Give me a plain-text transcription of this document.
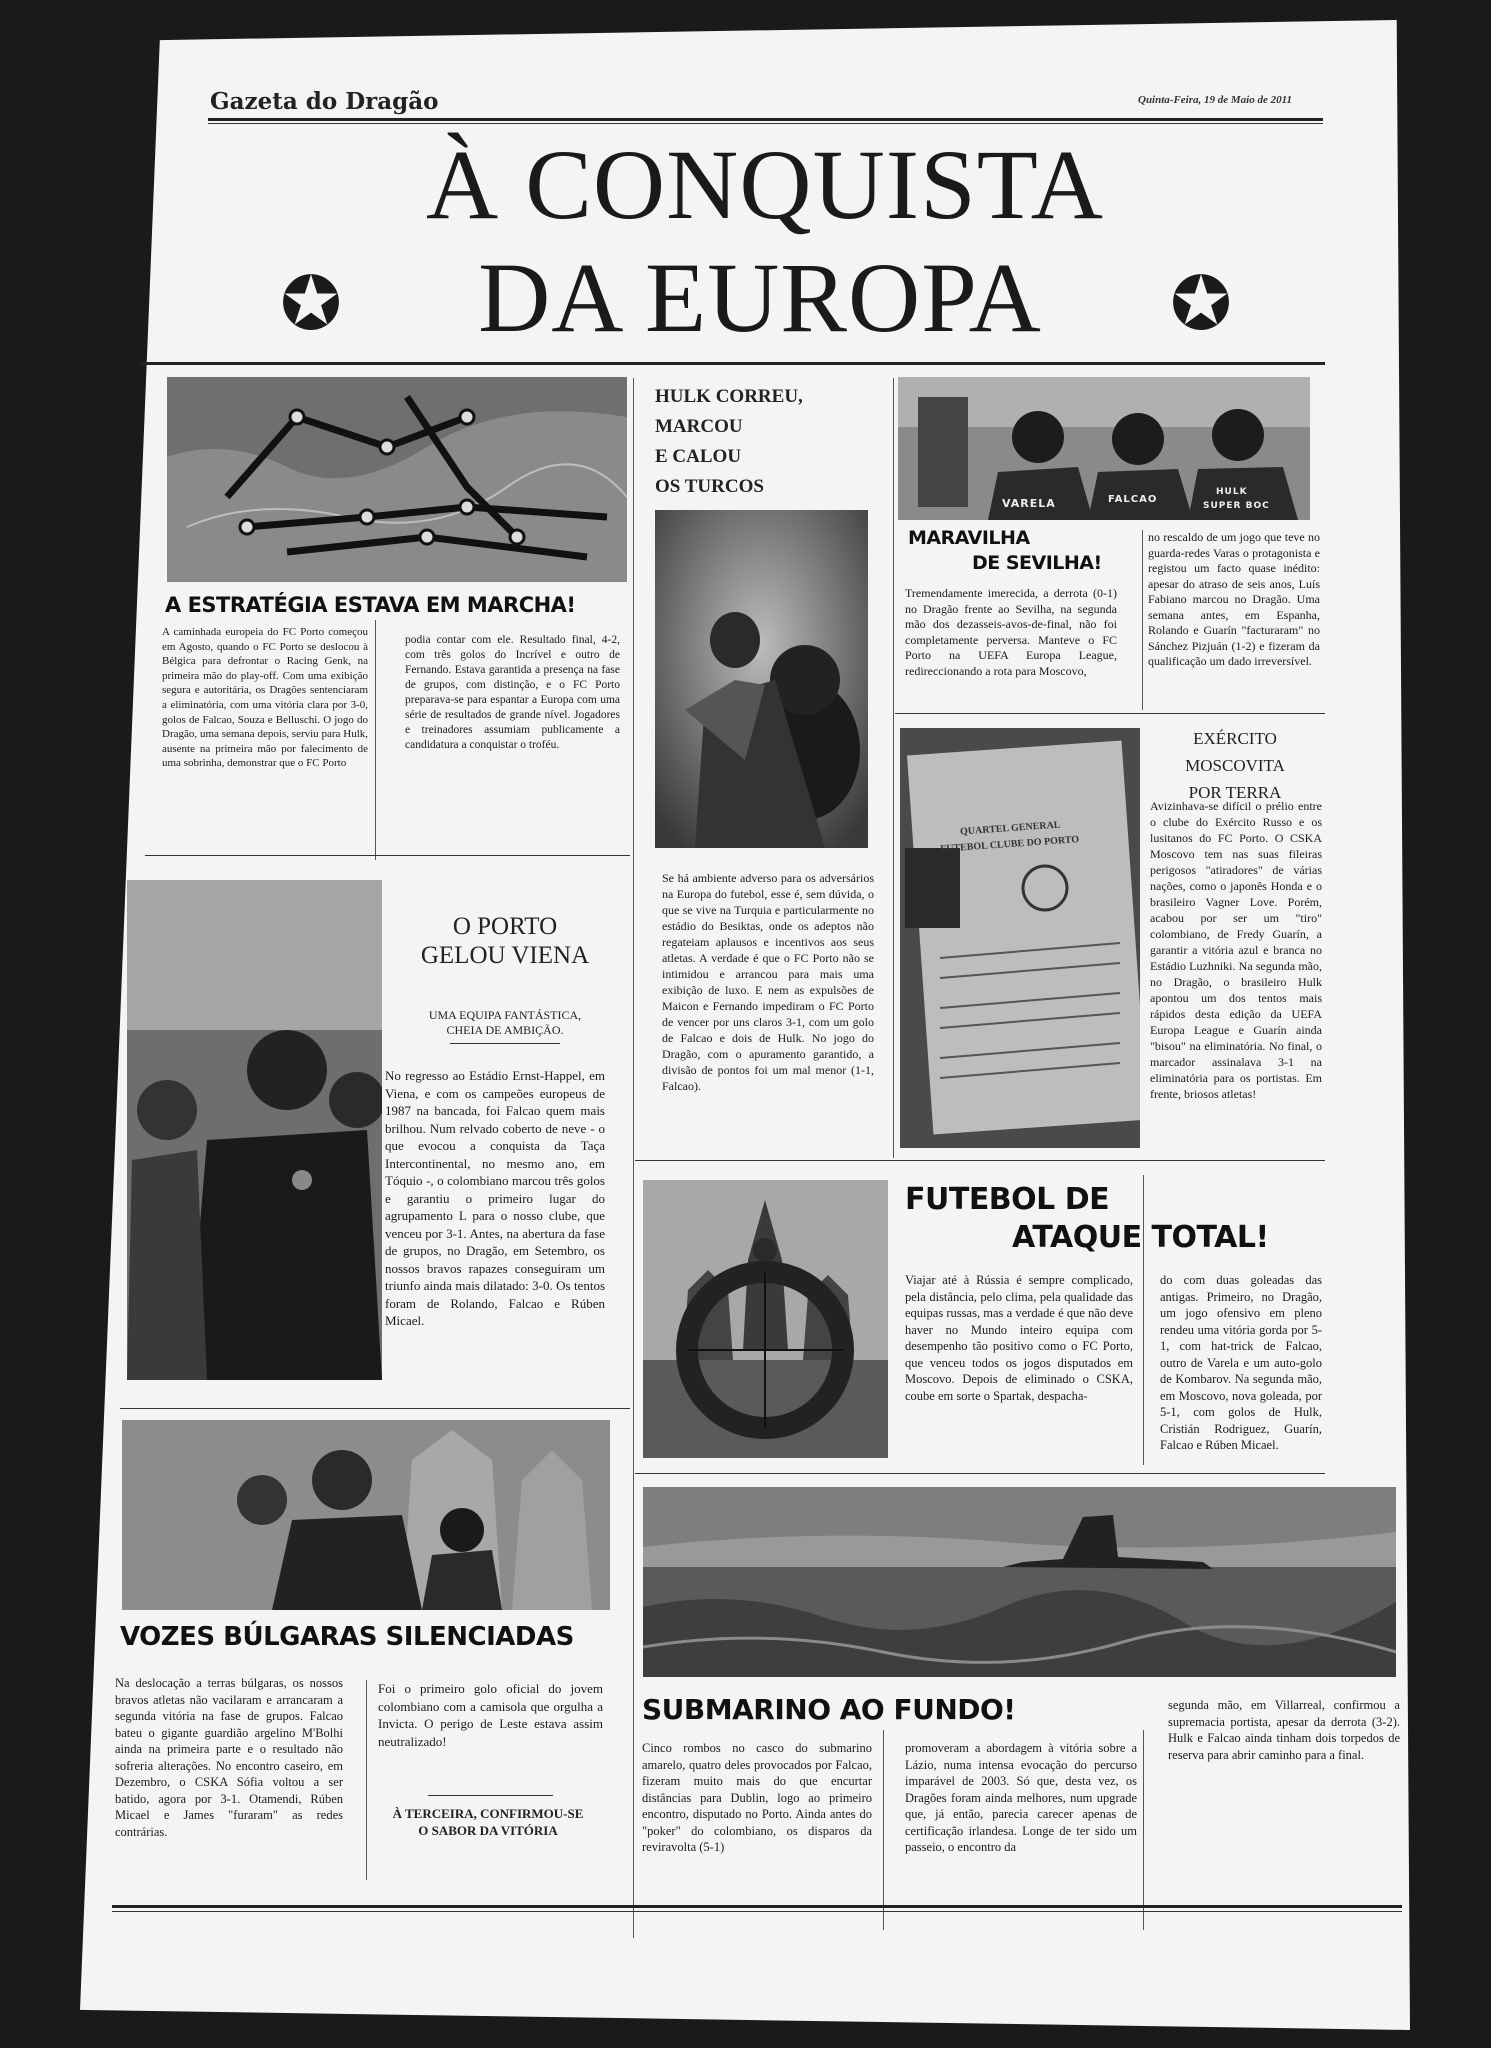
Gazeta do Dragão	Quinta-Feira, 19 de Maio de 2011
À CONQUISTA
DA EUROPA
✪	✪
A ESTRATÉGIA ESTAVA EM MARCHA!
A caminhada europeia do FC Porto começou em Agosto, quando o FC Porto se deslocou à Bélgica para defrontar o Racing Genk, na primeira mão do play-off. Com uma exibição segura e autoritária, os Dragões sentenciaram a eliminatória, com uma vitória clara por 3-0, golos de Falcao, Souza e Belluschi. O jogo do Dragão, uma semana depois, serviu para Hulk, ausente na primeira mão por falecimento de uma sobrinha, demonstrar que o FC Porto
podia contar com ele. Resultado final, 4-2, com três golos do Incrível e outro de Fernando. Estava garantida a presença na fase de grupos, com distinção, e o FC Porto preparava-se para espantar a Europa com uma série de resultados de grande nível. Jogadores e treinadores assumiam publicamente a candidatura a conquistar o troféu.
HULK CORREU,
MARCOU
E CALOU
OS TURCOS
Se há ambiente adverso para os adversários na Europa do futebol, esse é, sem dúvida, o que se vive na Turquia e particularmente no estádio do Besiktas, onde os adeptos não regateiam aplausos e incentivos aos seus atletas. A verdade é que o FC Porto não se intimidou e arrancou para mais uma exibição de luxo. E nem as expulsões de Maicon e Fernando impediram o FC Porto de vencer por uns claros 3-1, com um golo de Falcao e dois de Hulk. No jogo do Dragão, com o apuramento garantido, a divisão de pontos foi um mal menor (1-1, Falcao).
VARELA	FALCAO
HULK
SUPER BOC
MARAVILHA
DE SEVILHA!
Tremendamente imerecida, a derrota (0-1) no Dragão frente ao Sevilha, na segunda mão dos dezasseis-avos-de-final, não foi completamente perversa. Manteve o FC Porto na UEFA Europa League, redireccionando a rota para Moscovo,
no rescaldo de um jogo que teve no guarda-redes Varas o protagonista e registou um facto quase inédito: apesar do atraso de seis anos, Luís Fabiano marcou no Dragão. Uma semana antes, em Espanha, Rolando e Guarín "facturaram" no Sánchez Pizjuán (1-2) e fizeram da qualificação um dado irreversível.
QUARTEL GENERAL
FUTEBOL CLUBE DO PORTO
EXÉRCITO MOSCOVITA
POR TERRA
Avizinhava-se difícil o prélio entre o clube do Exército Russo e os lusitanos do FC Porto. O CSKA Moscovo tem nas suas fileiras perigosos "atiradores" de várias nações, como o japonês Honda e o brasileiro Vagner Love. Porém, acabou por ser um "tiro" colombiano, de Fredy Guarín, a garantir a vitória azul e branca no Estádio Luzhniki. Na segunda mão, no Dragão, o brasileiro Hulk apontou um dos tentos mais rápidos desta edição da UEFA Europa League e Guarín ainda "bisou" na eliminatória. No final, o marcador assinalava 3-1 na eliminatória para os portistas. Em frente, briosos atletas!
O PORTO
GELOU VIENA
UMA EQUIPA FANTÁSTICA,
CHEIA DE AMBIÇÃO.
No regresso ao Estádio Ernst-Happel, em Viena, e com os campeões europeus de 1987 na bancada, foi Falcao quem mais brilhou. Num relvado coberto de neve - o que evocou a conquista da Taça Intercontinental, no mesmo ano, em Tóquio -, o colombiano marcou três golos e garantiu o primeiro lugar do agrupamento L para o nosso clube, que venceu por 3-1. Antes, na abertura da fase de grupos, no Dragão, em Setembro, os nossos bravos rapazes conseguiram um triunfo ainda mais dilatado: 3-0. Os tentos foram de Rolando, Falcao e Rúben Micael.
FUTEBOL DE
ATAQUE TOTAL!
Viajar até à Rússia é sempre complicado, pela distância, pelo clima, pela qualidade das equipas russas, mas a verdade é que não deve haver no Mundo inteiro equipa com desempenho tão positivo como o FC Porto, que venceu todos os jogos disputados em Moscovo. Depois de eliminado o CSKA, coube em sorte o Spartak, despacha-
do com duas goleadas das antigas. Primeiro, no Dragão, um jogo ofensivo em pleno rendeu uma vitória gorda por 5-1, com hat-trick de Falcao, outro de Varela e um auto-golo de Kombarov. Na segunda mão, em Moscovo, nova goleada, por 5-1, com golos de Hulk, Cristián Rodriguez, Guarín, Falcao e Rúben Micael.
VOZES BÚLGARAS SILENCIADAS
Na deslocação a terras búlgaras, os nossos bravos atletas não vacilaram e arrancaram a segunda vitória na fase de grupos. Falcao bateu o gigante guardião argelino M'Bolhi ainda na primeira parte e o resultado não sofreria alterações. No encontro caseiro, em Dezembro, o CSKA Sófia voltou a ser batido, agora por 3-1. Otamendi, Rúben Micael e James "furaram" as redes contrárias.
Foi o primeiro golo oficial do jovem colombiano com a camisola que orgulha a Invicta. O perigo de Leste estava assim neutralizado!
À TERCEIRA, CONFIRMOU-SE
O SABOR DA VITÓRIA
SUBMARINO AO FUNDO!
Cinco rombos no casco do submarino amarelo, quatro deles provocados por Falcao, fizeram muito mais do que encurtar distâncias para Dublin, logo ao primeiro encontro, disputado no Porto. Ainda antes do "poker" do colombiano, os disparos da reviravolta (5-1)
promoveram a abordagem à vitória sobre a Lázio, numa intensa evocação do percurso imparável de 2003. Só que, desta vez, os Dragões foram ainda melhores, num upgrade que, já então, parecia carecer apenas de certificação irlandesa. Longe de ter sido um passeio, o encontro da
segunda mão, em Villarreal, confirmou a supremacia portista, apesar da derrota (3-2). Hulk e Falcao ainda tinham dois torpedos de reserva para abrir caminho para a final.
